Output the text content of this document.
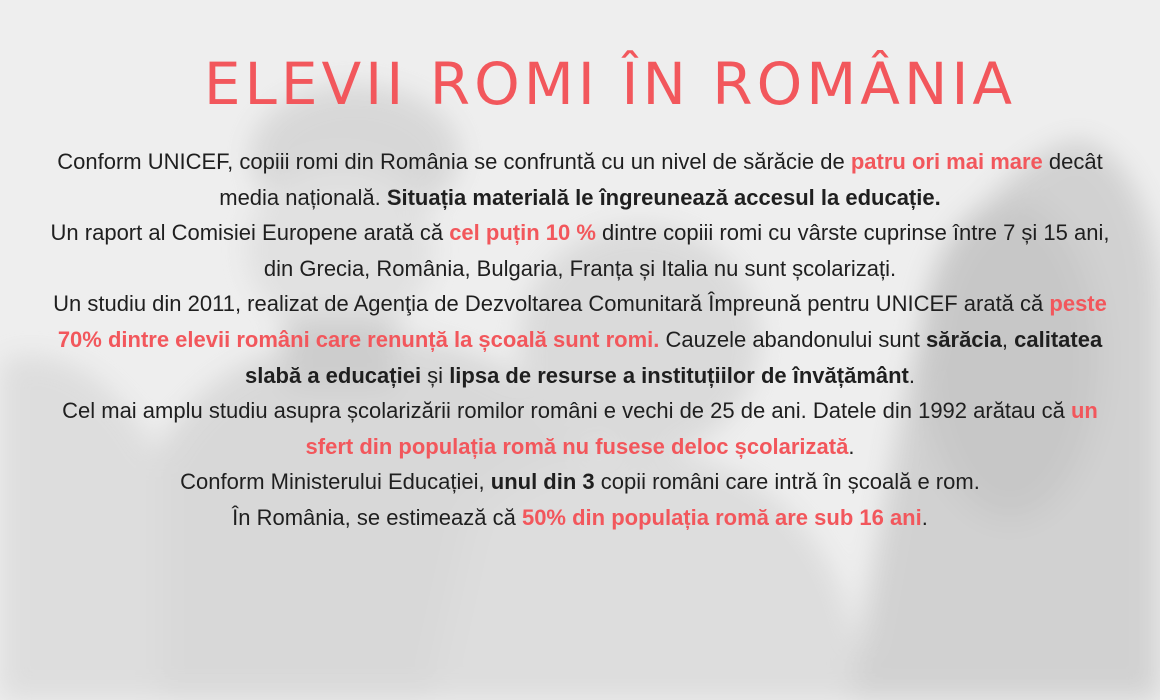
ELEVII ROMI ÎN ROMÂNIA

Conform UNICEF, copiii romi din România se confruntă cu un nivel de sărăcie de patru ori mai mare decât media națională. Situația materială le îngreunează accesul la educație.

Un raport al Comisiei Europene arată că cel puțin 10 % dintre copiii romi cu vârste cuprinse între 7 și 15 ani, din Grecia, România, Bulgaria, Franța și Italia nu sunt școlarizați.

Un studiu din 2011, realizat de Agenţia de Dezvoltarea Comunitară Împreună pentru UNICEF arată că peste 70% dintre elevii români care renunță la școală sunt romi. Cauzele abandonului sunt sărăcia, calitatea slabă a educației și lipsa de resurse a instituțiilor de învățământ.

Cel mai amplu studiu asupra școlarizării romilor români e vechi de 25 de ani. Datele din 1992 arătau că un sfert din populația romă nu fusese deloc școlarizată.

Conform Ministerului Educației, unul din 3 copii români care intră în școală e rom.

În România, se estimează că 50% din populația romă are sub 16 ani.
